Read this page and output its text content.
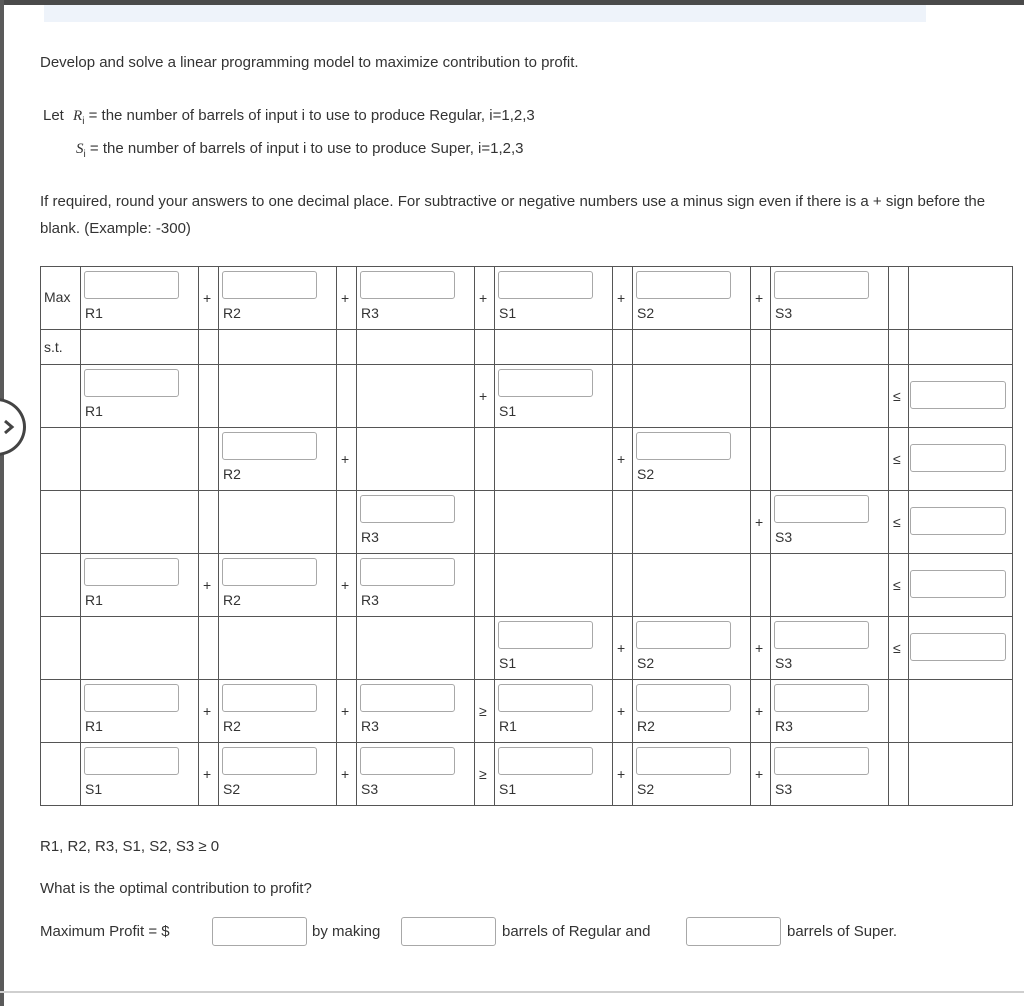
Develop and solve a linear programming model to maximize contribution to profit.
Let $R_i$ = the number of barrels of input i to use to produce Regular, i=1,2,3
$S_i$ = the number of barrels of input i to use to produce Super, i=1,2,3
If required, round your answers to one decimal place. For subtractive or negative numbers use a minus sign even if there is a + sign before the blank. (Example: -300)
Max	R1	+	R2	+	R3	+	S1	+	S2	+	S3		

s.t.													

	R1					+	S1					≤

			R2	+				+	S2			≤

					R3					+	S3	≤

	R1	+	R2	+	R3							≤

							S1	+	S2	+	S3	≤

	R1	+	R2	+	R3	≥	R1	+	R2	+	R3		

	S1	+	S2	+	S3	≥	S1	+	S2	+	S3		

R1, R2, R3, S1, S2, S3 ≥ 0
What is the optimal contribution to profit?
Maximum Profit = $	by making	barrels of Regular and	barrels of Super.
